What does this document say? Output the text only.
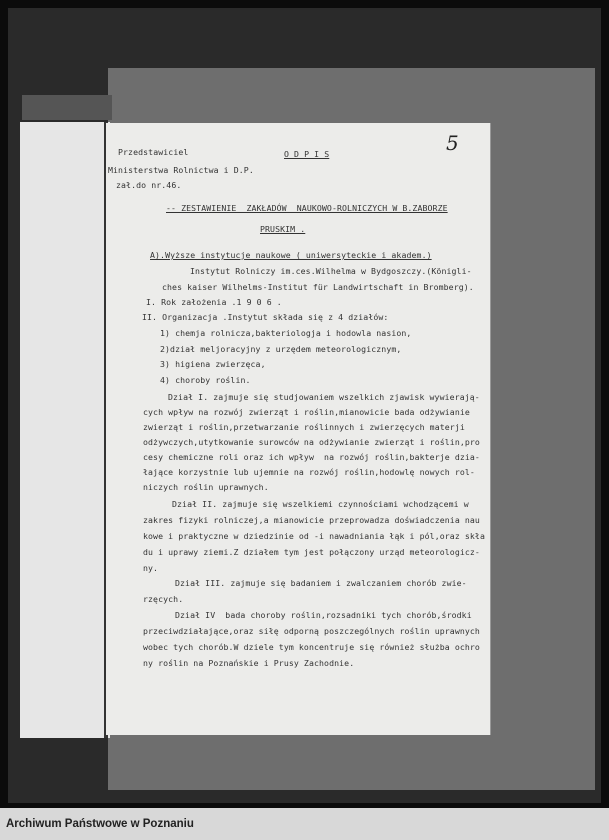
5
Przedstawiciel
Ministerstwa Rolnictwa i D.P.
zał.do nr.46.
O D P I S
-- ZESTAWIENIE  ZAKŁADÓW  NAUKOWO-ROLNICZYCH W B.ZABORZE
PRUSKIM .
A).Wyższe instytucje naukowe ( uniwersyteckie i akadem.)
Instytut Rolniczy im.ces.Wilhelma w Bydgoszczy.(Königli-
ches kaiser Wilhelms-Institut für Landwirtschaft in Bromberg).
I. Rok założenia .1 9 0 6 .
II. Organizacja .Instytut składa się z 4 działów:
1) chemja rolnicza,bakteriologja i hodowla nasion,
2)dział meljoracyjny z urzędem meteorologicznym,
3) higiena zwierzęca,
4) choroby roślin.
Dział I. zajmuje się studjowaniem wszelkich zjawisk wywierają-
cych wpływ na rozwój zwierząt i roślin,mianowicie bada odżywianie
zwierząt i roślin,przetwarzanie roślinnych i zwierzęcych materji
odżywczych,utytkowanie surowców na odżywianie zwierząt i roślin,pro
cesy chemiczne roli oraz ich wpływ  na rozwój roślin,bakterje dzia-
łające korzystnie lub ujemnie na rozwój roślin,hodowlę nowych rol-
niczych roślin uprawnych.
Dział II. zajmuje się wszelkiemi czynnościami wchodzącemi w
zakres fizyki rolniczej,a mianowicie przeprowadza doświadczenia nau
kowe i praktyczne w dziedzinie od -i nawadniania łąk i pól,oraz skła
du i uprawy ziemi.Z działem tym jest połączony urząd meteorologicz-
ny.
Dział III. zajmuje się badaniem i zwalczaniem chorób zwie-
rzęcych.
Dział IV  bada choroby roślin,rozsadniki tych chorób,środki
przeciwdziałające,oraz siłę odporną poszczególnych roślin uprawnych
wobec tych chorób.W dziele tym koncentruje się również służba ochro
ny roślin na Poznańskie i Prusy Zachodnie.
Archiwum Państwowe w Poznaniu
